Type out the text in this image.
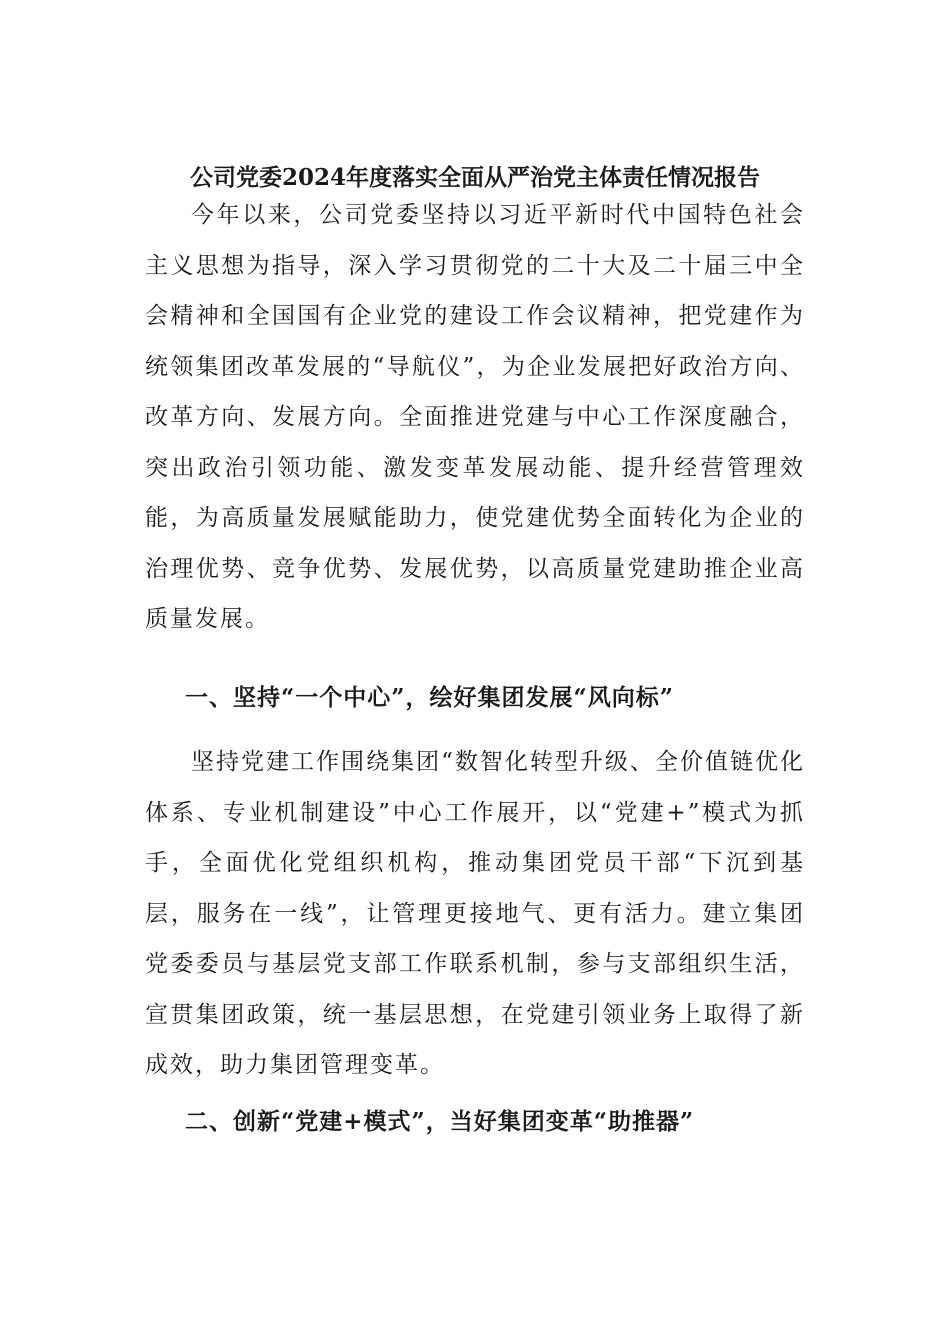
公司党委2024年度落实全面从严治党主体责任情况报告

今年以来，公司党委坚持以习近平新时代中国特色社会主义思想为指导，深入学习贯彻党的二十大及二十届三中全会精神和全国国有企业党的建设工作会议精神，把党建作为统领集团改革发展的“导航仪”，为企业发展把好政治方向、改革方向、发展方向。全面推进党建与中心工作深度融合，突出政治引领功能、激发变革发展动能、提升经营管理效能，为高质量发展赋能助力，使党建优势全面转化为企业的治理优势、竞争优势、发展优势，以高质量党建助推企业高质量发展。

一、坚持“一个中心”，绘好集团发展“风向标”

坚持党建工作围绕集团“数智化转型升级、全价值链优化体系、专业机制建设”中心工作展开，以“党建+”模式为抓手，全面优化党组织机构，推动集团党员干部“下沉到基层，服务在一线”，让管理更接地气、更有活力。建立集团党委委员与基层党支部工作联系机制，参与支部组织生活，宣贯集团政策，统一基层思想，在党建引领业务上取得了新成效，助力集团管理变革。

二、创新“党建+模式”，当好集团变革“助推器”
